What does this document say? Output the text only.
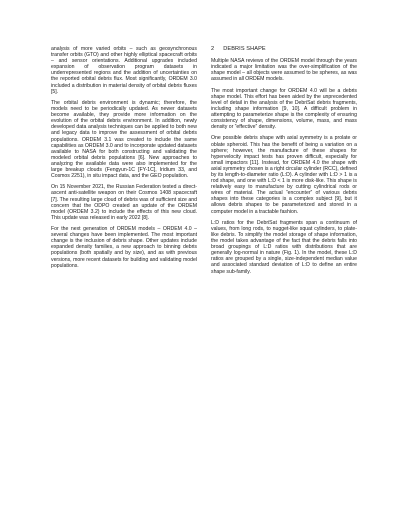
analysis of more varied orbits – such as geosynchronous transfer orbits (GTO) and other highly elliptical spacecraft orbits – and sensor orientations. Additional upgrades included expansion of observation program datasets in underrepresented regions and the addition of uncertainties on the reported orbital debris flux. Most significantly, ORDEM 3.0 included a distribution in material density of orbital debris fluxes [5].

The orbital debris environment is dynamic; therefore, the models need to be periodically updated. As newer datasets become available, they provide more information on the evolution of the orbital debris environment. In addition, newly developed data analysis techniques can be applied to both new and legacy data to improve the assessment of orbital debris populations. ORDEM 3.1 was created to include the same capabilities as ORDEM 3.0 and to incorporate updated datasets available to NASA for both constructing and validating the modeled orbital debris populations [6]. New approaches to analyzing the available data were also implemented for the large breakup clouds (Fengyun-1C [FY-1C], Iridium 33, and Cosmos 2251), in situ impact data, and the GEO population.

On 15 November 2021, the Russian Federation tested a direct-ascent anti-satellite weapon on their Cosmos 1408 spacecraft [7]. The resulting large cloud of debris was of sufficient size and concern that the ODPO created an update of the ORDEM model (ORDEM 3.2) to include the effects of this new cloud. This update was released in early 2022 [8].

For the next generation of ORDEM models – ORDEM 4.0 – several changes have been implemented. The most important change is the inclusion of debris shape. Other updates include expanded density families, a new approach to binning debris populations (both spatially and by size), and as with previous versions, more recent datasets for building and validating model populations.

2 DEBRIS SHAPE

Multiple NASA reviews of the ORDEM model through the years indicated a major limitation was the over-simplification of the shape model – all objects were assumed to be spheres, as was assumed in all ORDEM models.

The most important change for ORDEM 4.0 will be a debris shape model. This effort has been aided by the unprecedented level of detail in the analysis of the DebriSat debris fragments, including shape information [9, 10]. A difficult problem in attempting to parameterize shape is the complexity of ensuring consistency of shape, dimensions, volume, mass, and mass density or “effective” density.

One possible debris shape with axial symmetry is a prolate or oblate spheroid. This has the benefit of being a variation on a sphere; however, the manufacture of these shapes for hypervelocity impact tests has proven difficult, especially for small impactors [11]. Instead, for ORDEM 4.0 the shape with axial symmetry chosen is a right circular cylinder (RCC), defined by its length-to-diameter ratio (L:D). A cylinder with L:D > 1 is a rod shape, and one with L:D < 1 is more disk-like. This shape is relatively easy to manufacture by cutting cylindrical rods or wires of material. The actual “encounter” of various debris shapes into these categories is a complex subject [9], but it allows debris shapes to be parameterized and stored in a computer model in a tractable fashion.

L:D ratios for the DebriSat fragments span a continuum of values, from long rods, to nugget-like squat cylinders, to plate-like debris. To simplify the model storage of shape information, the model takes advantage of the fact that the debris falls into broad groupings of L:D ratios with distributions that are generally log-normal in nature (Fig. 1). In the model, these L:D ratios are grouped by a single, size-independent median value and associated standard deviation of L:D to define an entire shape sub-family.
